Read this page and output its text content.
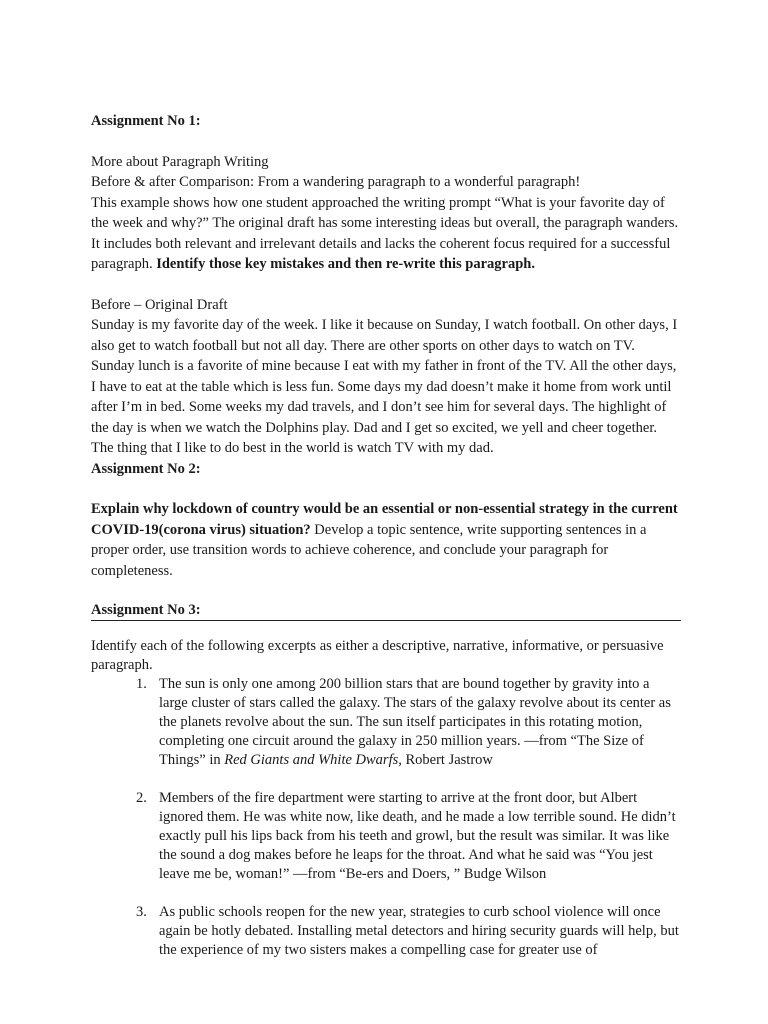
Assignment No 1:

More about Paragraph Writing

Before & after Comparison: From a wandering paragraph to a wonderful paragraph!

This example shows how one student approached the writing prompt “What is your favorite day of the week and why?” The original draft has some interesting ideas but overall, the paragraph wanders. It includes both relevant and irrelevant details and lacks the coherent focus required for a successful paragraph. Identify those key mistakes and then re-write this paragraph.

Before – Original Draft

Sunday is my favorite day of the week. I like it because on Sunday, I watch football. On other days, I also get to watch football but not all day. There are other sports on other days to watch on TV. Sunday lunch is a favorite of mine because I eat with my father in front of the TV. All the other days, I have to eat at the table which is less fun. Some days my dad doesn’t make it home from work until after I’m in bed. Some weeks my dad travels, and I don’t see him for several days. The highlight of the day is when we watch the Dolphins play. Dad and I get so excited, we yell and cheer together. The thing that I like to do best in the world is watch TV with my dad.

Assignment No 2:

Explain why lockdown of country would be an essential or non-essential strategy in the current COVID-19(corona virus) situation? Develop a topic sentence, write supporting sentences in a proper order, use transition words to achieve coherence, and conclude your paragraph for completeness.

Assignment No 3:

Identify each of the following excerpts as either a descriptive, narrative, informative, or persuasive paragraph.

1. The sun is only one among 200 billion stars that are bound together by gravity into a large cluster of stars called the galaxy. The stars of the galaxy revolve about its center as the planets revolve about the sun. The sun itself participates in this rotating motion, completing one circuit around the galaxy in 250 million years. —from “The Size of Things” in Red Giants and White Dwarfs, Robert Jastrow
2. Members of the fire department were starting to arrive at the front door, but Albert ignored them. He was white now, like death, and he made a low terrible sound. He didn’t exactly pull his lips back from his teeth and growl, but the result was similar. It was like the sound a dog makes before he leaps for the throat. And what he said was “You jest leave me be, woman!” —from “Be-ers and Doers, ” Budge Wilson
3. As public schools reopen for the new year, strategies to curb school violence will once again be hotly debated. Installing metal detectors and hiring security guards will help, but the experience of my two sisters makes a compelling case for greater use of
